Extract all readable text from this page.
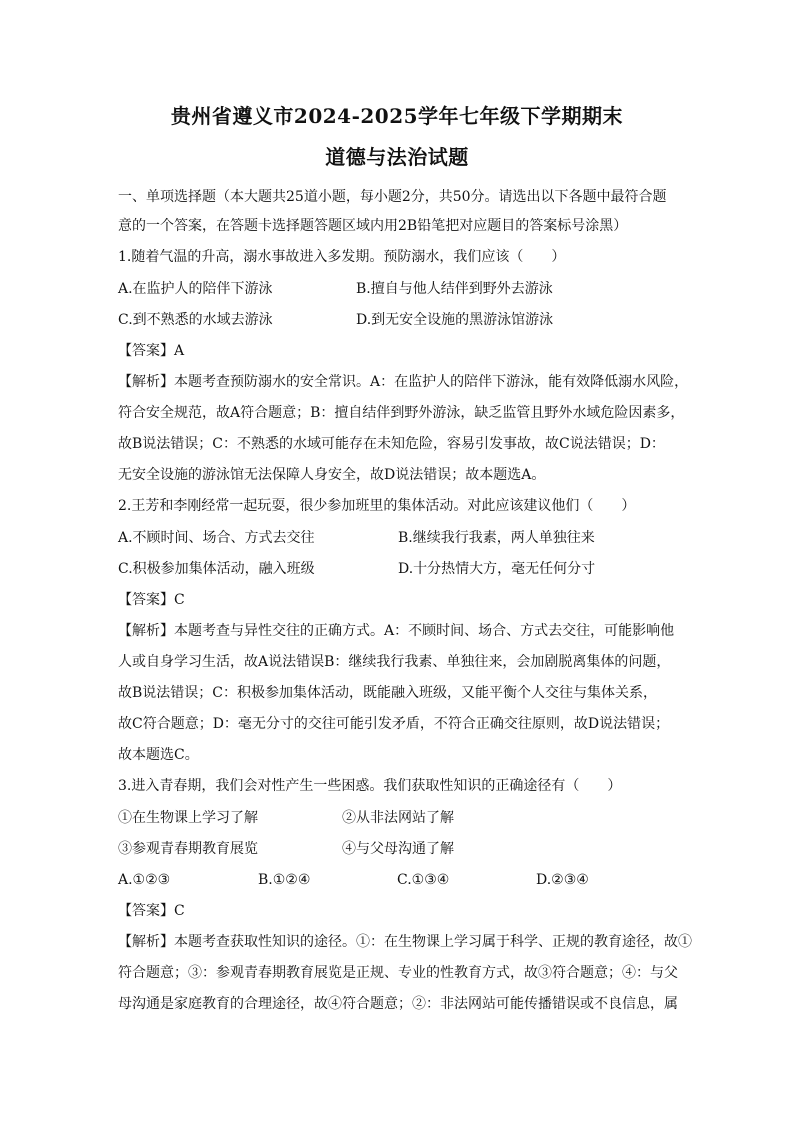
贵州省遵义市2024-2025学年七年级下学期期末
道德与法治试题
一、单项选择题（本大题共25道小题，每小题2分，共50分。请选出以下各题中最符合题
意的一个答案，在答题卡选择题答题区域内用2B铅笔把对应题目的答案标号涂黑）
1.随着气温的升高，溺水事故进入多发期。预防溺水，我们应该（　　）
A.在监护人的陪伴下游泳	B.擅自与他人结伴到野外去游泳
C.到不熟悉的水域去游泳	D.到无安全设施的黑游泳馆游泳
【答案】A
【解析】本题考查预防溺水的安全常识。A：在监护人的陪伴下游泳，能有效降低溺水风险，
符合安全规范，故A符合题意；B：擅自结伴到野外游泳，缺乏监管且野外水域危险因素多，
故B说法错误；C：不熟悉的水域可能存在未知危险，容易引发事故，故C说法错误；D：
无安全设施的游泳馆无法保障人身安全，故D说法错误；故本题选A。
2.王芳和李刚经常一起玩耍，很少参加班里的集体活动。对此应该建议他们（　　）
A.不顾时间、场合、方式去交往	B.继续我行我素，两人单独往来
C.积极参加集体活动，融入班级	D.十分热情大方，毫无任何分寸
【答案】C
【解析】本题考查与异性交往的正确方式。A：不顾时间、场合、方式去交往，可能影响他
人或自身学习生活，故A说法错误B：继续我行我素、单独往来，会加剧脱离集体的问题，
故B说法错误；C：积极参加集体活动，既能融入班级，又能平衡个人交往与集体关系，
故C符合题意；D：毫无分寸的交往可能引发矛盾，不符合正确交往原则，故D说法错误；
故本题选C。
3.进入青春期，我们会对性产生一些困惑。我们获取性知识的正确途径有（　　）
①在生物课上学习了解	②从非法网站了解
③参观青春期教育展览	④与父母沟通了解
A.①②③	B.①②④	C.①③④	D.②③④
【答案】C
【解析】本题考查获取性知识的途径。①：在生物课上学习属于科学、正规的教育途径，故①
符合题意；③：参观青春期教育展览是正规、专业的性教育方式，故③符合题意；④：与父
母沟通是家庭教育的合理途径，故④符合题意；②：非法网站可能传播错误或不良信息，属
